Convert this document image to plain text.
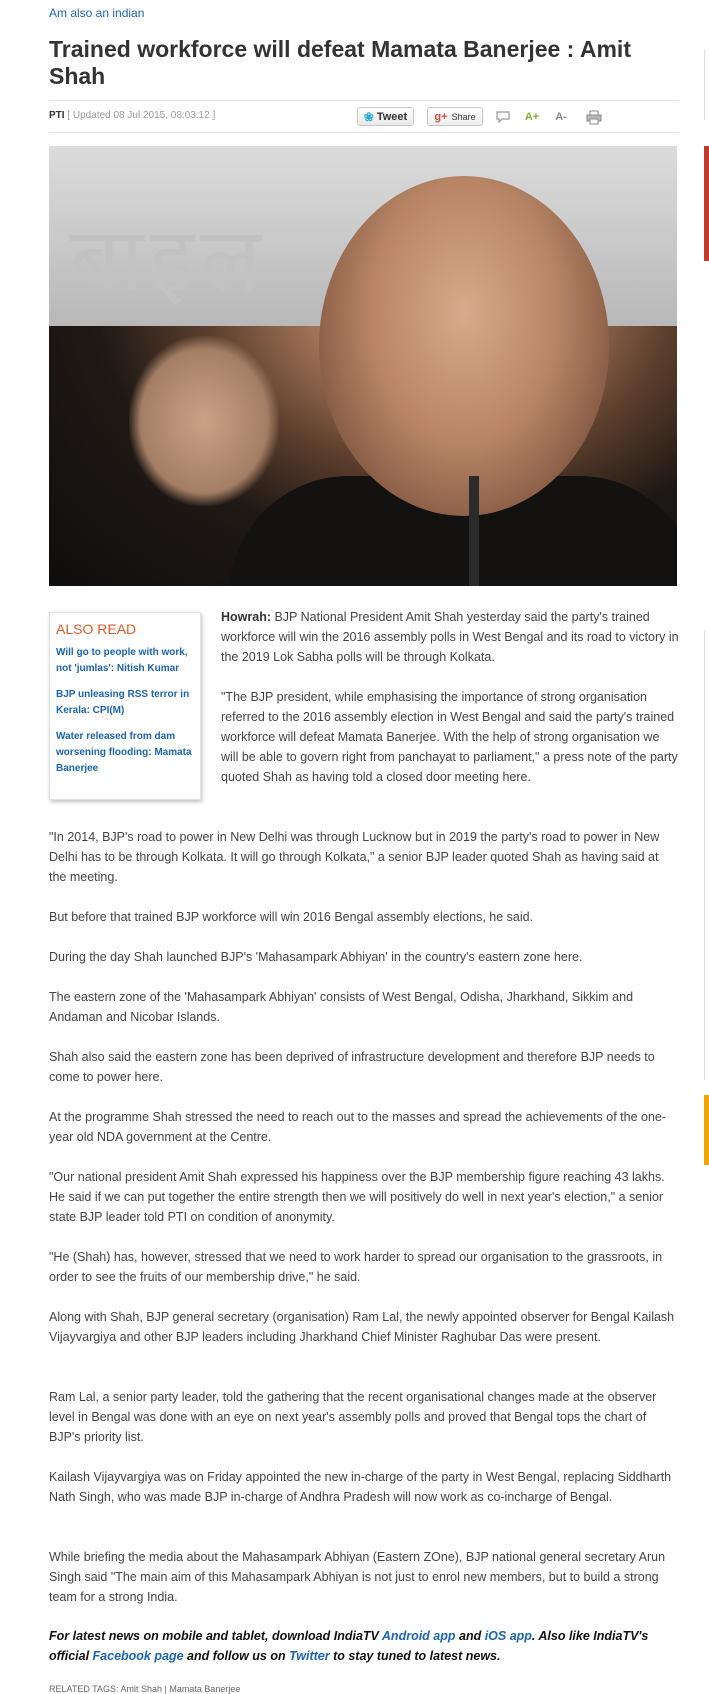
Am also an indian
Trained workforce will defeat Mamata Banerjee : Amit Shah
PTI [ Updated 08 Jul 2015, 08:03:12 ]	❀ Tweet g+ Share	A+	A-
बाइल
ALSO READ
Will go to people with work, not 'jumlas': Nitish Kumar
BJP unleasing RSS terror in Kerala: CPI(M)
Water released from dam worsening flooding: Mamata Banerjee

Howrah: BJP National President Amit Shah yesterday said the party's trained workforce will win the 2016 assembly polls in West Bengal and its road to victory in the 2019 Lok Sabha polls will be through Kolkata.

"The BJP president, while emphasising the importance of strong organisation referred to the 2016 assembly election in West Bengal and said the party's trained workforce will defeat Mamata Banerjee. With the help of strong organisation we will be able to govern right from panchayat to parliament," a press note of the party quoted Shah as having told a closed door meeting here.

"In 2014, BJP's road to power in New Delhi was through Lucknow but in 2019 the party's road to power in New Delhi has to be through Kolkata. It will go through Kolkata," a senior BJP leader quoted Shah as having said at the meeting.

But before that trained BJP workforce will win 2016 Bengal assembly elections, he said.

During the day Shah launched BJP's 'Mahasampark Abhiyan' in the country's eastern zone here.

The eastern zone of the 'Mahasampark Abhiyan' consists of West Bengal, Odisha, Jharkhand, Sikkim and Andaman and Nicobar Islands.

Shah also said the eastern zone has been deprived of infrastructure development and therefore BJP needs to come to power here.

At the programme Shah stressed the need to reach out to the masses and spread the achievements of the one-year old NDA government at the Centre.

"Our national president Amit Shah expressed his happiness over the BJP membership figure reaching 43 lakhs. He said if we can put together the entire strength then we will positively do well in next year's election," a senior state BJP leader told PTI on condition of anonymity.

"He (Shah) has, however, stressed that we need to work harder to spread our organisation to the grassroots, in order to see the fruits of our membership drive," he said.

Along with Shah, BJP general secretary (organisation) Ram Lal, the newly appointed observer for Bengal Kailash Vijayvargiya and other BJP leaders including Jharkhand Chief Minister Raghubar Das were present.

Ram Lal, a senior party leader, told the gathering that the recent organisational changes made at the observer level in Bengal was done with an eye on next year's assembly polls and proved that Bengal tops the chart of BJP's priority list.

Kailash Vijayvargiya was on Friday appointed the new in-charge of the party in West Bengal, replacing Siddharth Nath Singh, who was made BJP in-charge of Andhra Pradesh will now work as co-incharge of Bengal.

While briefing the media about the Mahasampark Abhiyan (Eastern ZOne), BJP national general secretary Arun Singh said "The main aim of this Mahasampark Abhiyan is not just to enrol new members, but to build a strong team for a strong India.

For latest news on mobile and tablet, download IndiaTV Android app and iOS app. Also like IndiaTV's official Facebook page and follow us on Twitter to stay tuned to latest news.

RELATED TAGS: Amit Shah | Mamata Banerjee
